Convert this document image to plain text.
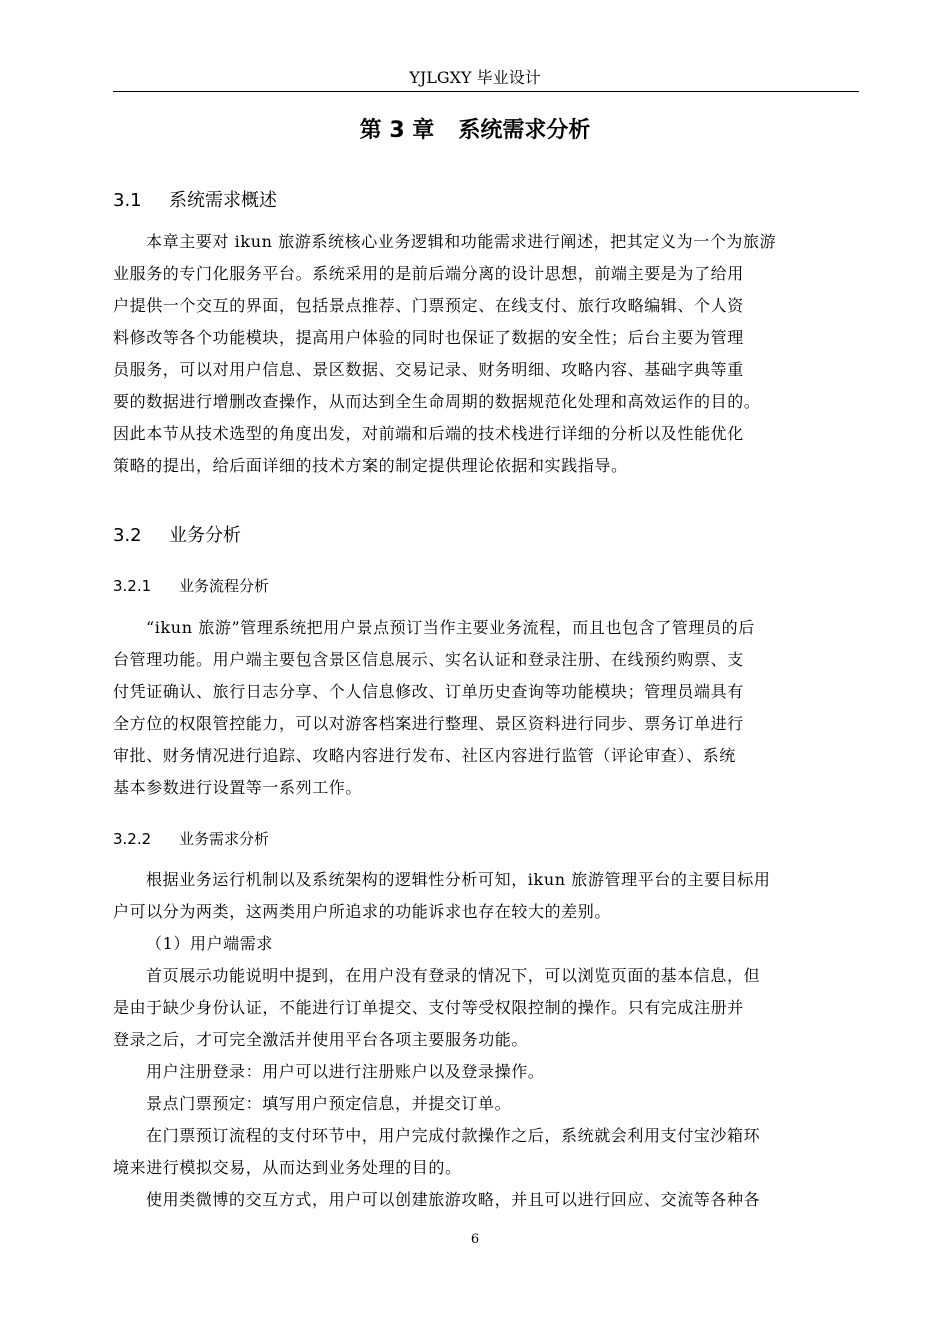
YJLGXY 毕业设计
第 3 章 系统需求分析
3.1 系统需求概述
本章主要对 ikun 旅游系统核心业务逻辑和功能需求进行阐述，把其定义为一个为旅游
业服务的专门化服务平台。系统采用的是前后端分离的设计思想，前端主要是为了给用
户提供一个交互的界面，包括景点推荐、门票预定、在线支付、旅行攻略编辑、个人资
料修改等各个功能模块，提高用户体验的同时也保证了数据的安全性；后台主要为管理
员服务，可以对用户信息、景区数据、交易记录、财务明细、攻略内容、基础字典等重
要的数据进行增删改查操作，从而达到全生命周期的数据规范化处理和高效运作的目的。
因此本节从技术选型的角度出发，对前端和后端的技术栈进行详细的分析以及性能优化
策略的提出，给后面详细的技术方案的制定提供理论依据和实践指导。
3.2 业务分析
3.2.1 业务流程分析
“ikun 旅游”管理系统把用户景点预订当作主要业务流程，而且也包含了管理员的后
台管理功能。用户端主要包含景区信息展示、实名认证和登录注册、在线预约购票、支
付凭证确认、旅行日志分享、个人信息修改、订单历史查询等功能模块；管理员端具有
全方位的权限管控能力，可以对游客档案进行整理、景区资料进行同步、票务订单进行
审批、财务情况进行追踪、攻略内容进行发布、社区内容进行监管（评论审查）、系统
基本参数进行设置等一系列工作。
3.2.2 业务需求分析
根据业务运行机制以及系统架构的逻辑性分析可知，ikun 旅游管理平台的主要目标用
户可以分为两类，这两类用户所追求的功能诉求也存在较大的差别。
（1）用户端需求
首页展示功能说明中提到，在用户没有登录的情况下，可以浏览页面的基本信息，但
是由于缺少身份认证，不能进行订单提交、支付等受权限控制的操作。只有完成注册并
登录之后，才可完全激活并使用平台各项主要服务功能。
用户注册登录：用户可以进行注册账户以及登录操作。
景点门票预定：填写用户预定信息，并提交订单。
在门票预订流程的支付环节中，用户完成付款操作之后，系统就会利用支付宝沙箱环
境来进行模拟交易，从而达到业务处理的目的。
使用类微博的交互方式，用户可以创建旅游攻略，并且可以进行回应、交流等各种各
6
